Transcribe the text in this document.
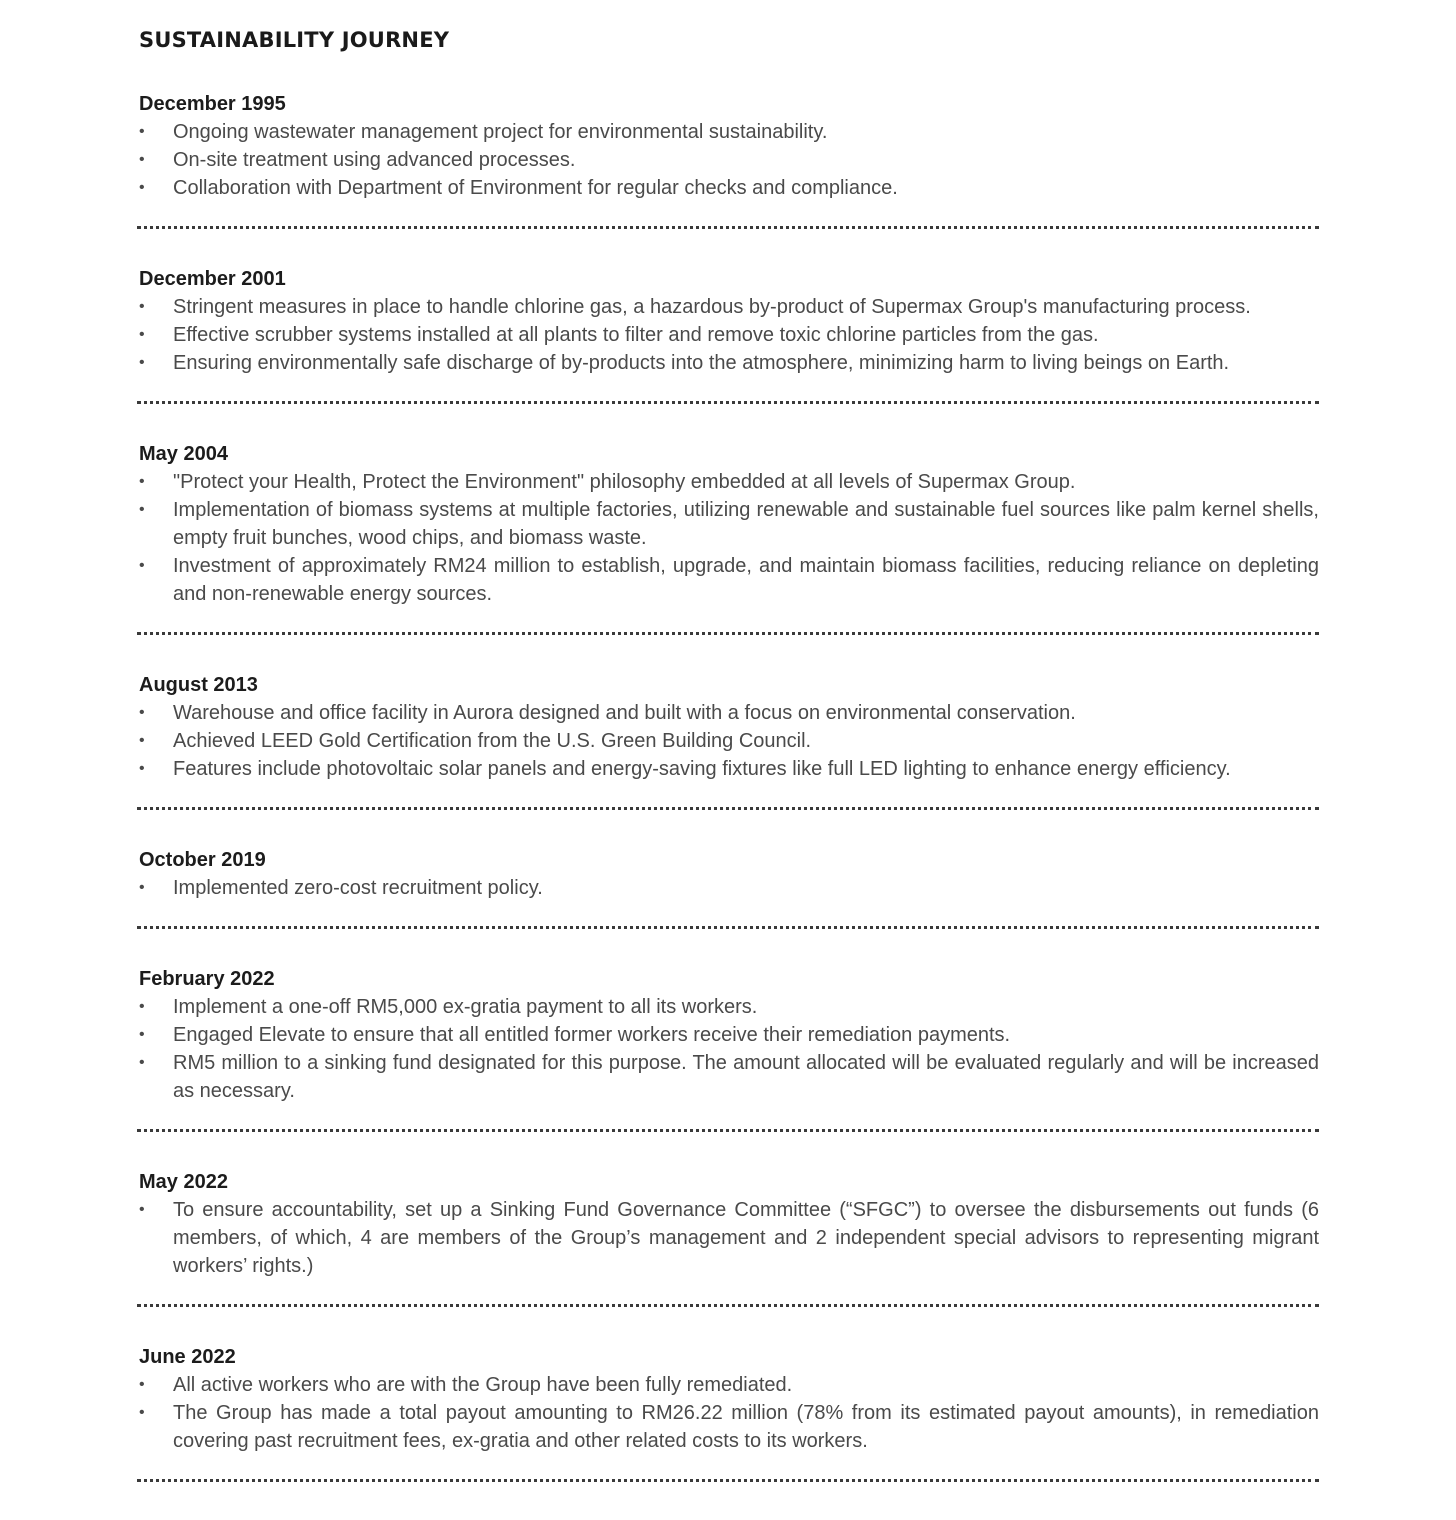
SUSTAINABILITY JOURNEY
December 1995
•	Ongoing wastewater management project for environmental sustainability.
•	On-site treatment using advanced processes.
•	Collaboration with Department of Environment for regular checks and compliance.
December 2001
•	Stringent measures in place to handle chlorine gas, a hazardous by-product of Supermax Group's manufacturing process.
•	Effective scrubber systems installed at all plants to filter and remove toxic chlorine particles from the gas.
•	Ensuring environmentally safe discharge of by-products into the atmosphere, minimizing harm to living beings on Earth.
May 2004
•	"Protect your Health, Protect the Environment" philosophy embedded at all levels of Supermax Group.
•	Implementation of biomass systems at multiple factories, utilizing renewable and sustainable fuel sources like palm kernel shells, empty fruit bunches, wood chips, and biomass waste.
•	Investment of approximately RM24 million to establish, upgrade, and maintain biomass facilities, reducing reliance on depleting and non-renewable energy sources.
August 2013
•	Warehouse and office facility in Aurora designed and built with a focus on environmental conservation.
•	Achieved LEED Gold Certification from the U.S. Green Building Council.
•	Features include photovoltaic solar panels and energy-saving fixtures like full LED lighting to enhance energy efficiency.
October 2019
•	Implemented zero-cost recruitment policy.
February 2022
•	Implement a one-off RM5,000 ex-gratia payment to all its workers.
•	Engaged Elevate to ensure that all entitled former workers receive their remediation payments.
•	RM5 million to a sinking fund designated for this purpose. The amount allocated will be evaluated regularly and will be increased as necessary.
May 2022
•	To ensure accountability, set up a Sinking Fund Governance Committee (“SFGC”) to oversee the disbursements out funds (6 members, of which, 4 are members of the Group’s management and 2 independent special advisors to representing migrant workers’ rights.)
June 2022
•	All active workers who are with the Group have been fully remediated.
•	The Group has made a total payout amounting to RM26.22 million (78% from its estimated payout amounts), in remediation covering past recruitment fees, ex-gratia and other related costs to its workers.
